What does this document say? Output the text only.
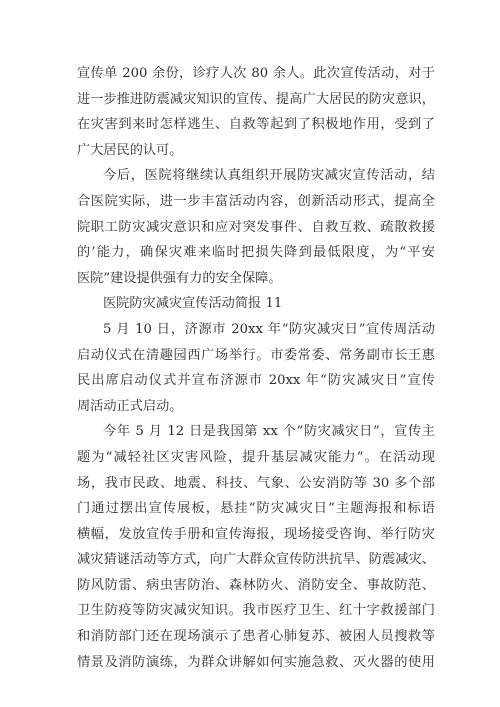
宣传单 200 余份，诊疗人次 80 余人。此次宣传活动，对于
进一步推进防震减灾知识的宣传、提高广大居民的防灾意识，
在灾害到来时怎样逃生、自救等起到了积极地作用，受到了
广大居民的认可。
今后，医院将继续认真组织开展防灾减灾宣传活动，结
合医院实际，进一步丰富活动内容，创新活动形式，提高全
院职工防灾减灾意识和应对突发事件、自救互救、疏散救援
的’能力，确保灾难来临时把损失降到最低限度，为“平安
医院”建设提供强有力的安全保障。
医院防灾减灾宣传活动简报 11
5 月 10 日，济源市 20xx 年“防灾减灾日”宣传周活动
启动仪式在清趣园西广场举行。市委常委、常务副市长王惠
民出席启动仪式并宣布济源市 20xx 年“防灾减灾日”宣传
周活动正式启动。
今年 5 月 12 日是我国第 xx 个“防灾减灾日”，宣传主
题为“减轻社区灾害风险，提升基层减灾能力”。在活动现
场，我市民政、地震、科技、气象、公安消防等 30 多个部
门通过摆出宣传展板，悬挂“防灾减灾日”主题海报和标语
横幅，发放宣传手册和宣传海报，现场接受咨询、举行防灾
减灾猜谜活动等方式，向广大群众宣传防洪抗旱、防震减灾、
防风防雷、病虫害防治、森林防火、消防安全、事故防范、
卫生防疫等防灾减灾知识。我市医疗卫生、红十字救援部门
和消防部门还在现场演示了患者心肺复苏、被困人员搜救等
情景及消防演练，为群众讲解如何实施急救、灭火器的使用
